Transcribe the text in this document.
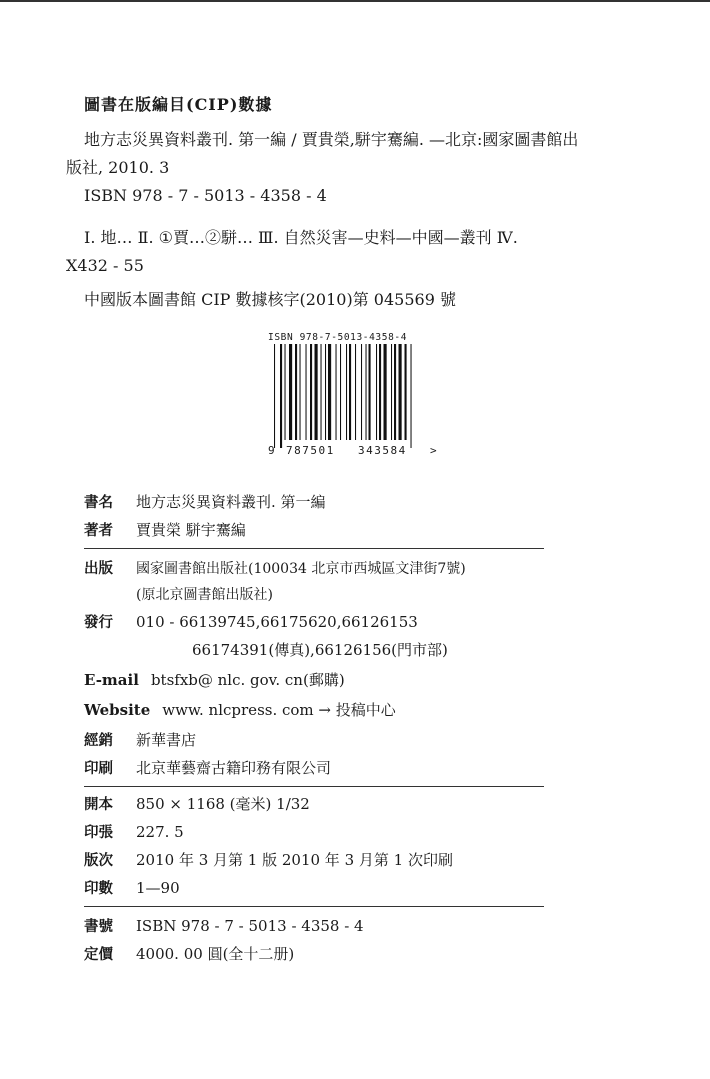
圖書在版編目(CIP)數據
地方志災異資料叢刊. 第一編 / 賈貴榮,駢宇騫編. —北京:國家圖書館出
版社, 2010. 3
ISBN 978 - 7 - 5013 - 4358 - 4
Ⅰ. 地… Ⅱ. ①賈…②駢… Ⅲ. 自然災害—史料—中國—叢刊 Ⅳ.
X432 - 55
中國版本圖書館 CIP 數據核字(2010)第 045569 號
ISBN 978-7-5013-4358-4
9 787501 343584 >
書名 地方志災異資料叢刊. 第一編
著者 賈貴榮 駢宇騫編
出版 國家圖書館出版社(100034 北京市西城區文津街7號)
(原北京圖書館出版社)
發行 010 - 66139745,66175620,66126153
66174391(傳真),66126156(門市部)
E-mail btsfxb@ nlc. gov. cn(郵購)
Website www. nlcpress. com → 投稿中心
經銷 新華書店
印刷 北京華藝齋古籍印務有限公司
開本 850 × 1168 (毫米) 1/32
印張 227. 5
版次 2010 年 3 月第 1 版 2010 年 3 月第 1 次印刷
印數 1—90
書號 ISBN 978 - 7 - 5013 - 4358 - 4
定價 4000. 00 圓(全十二册)
